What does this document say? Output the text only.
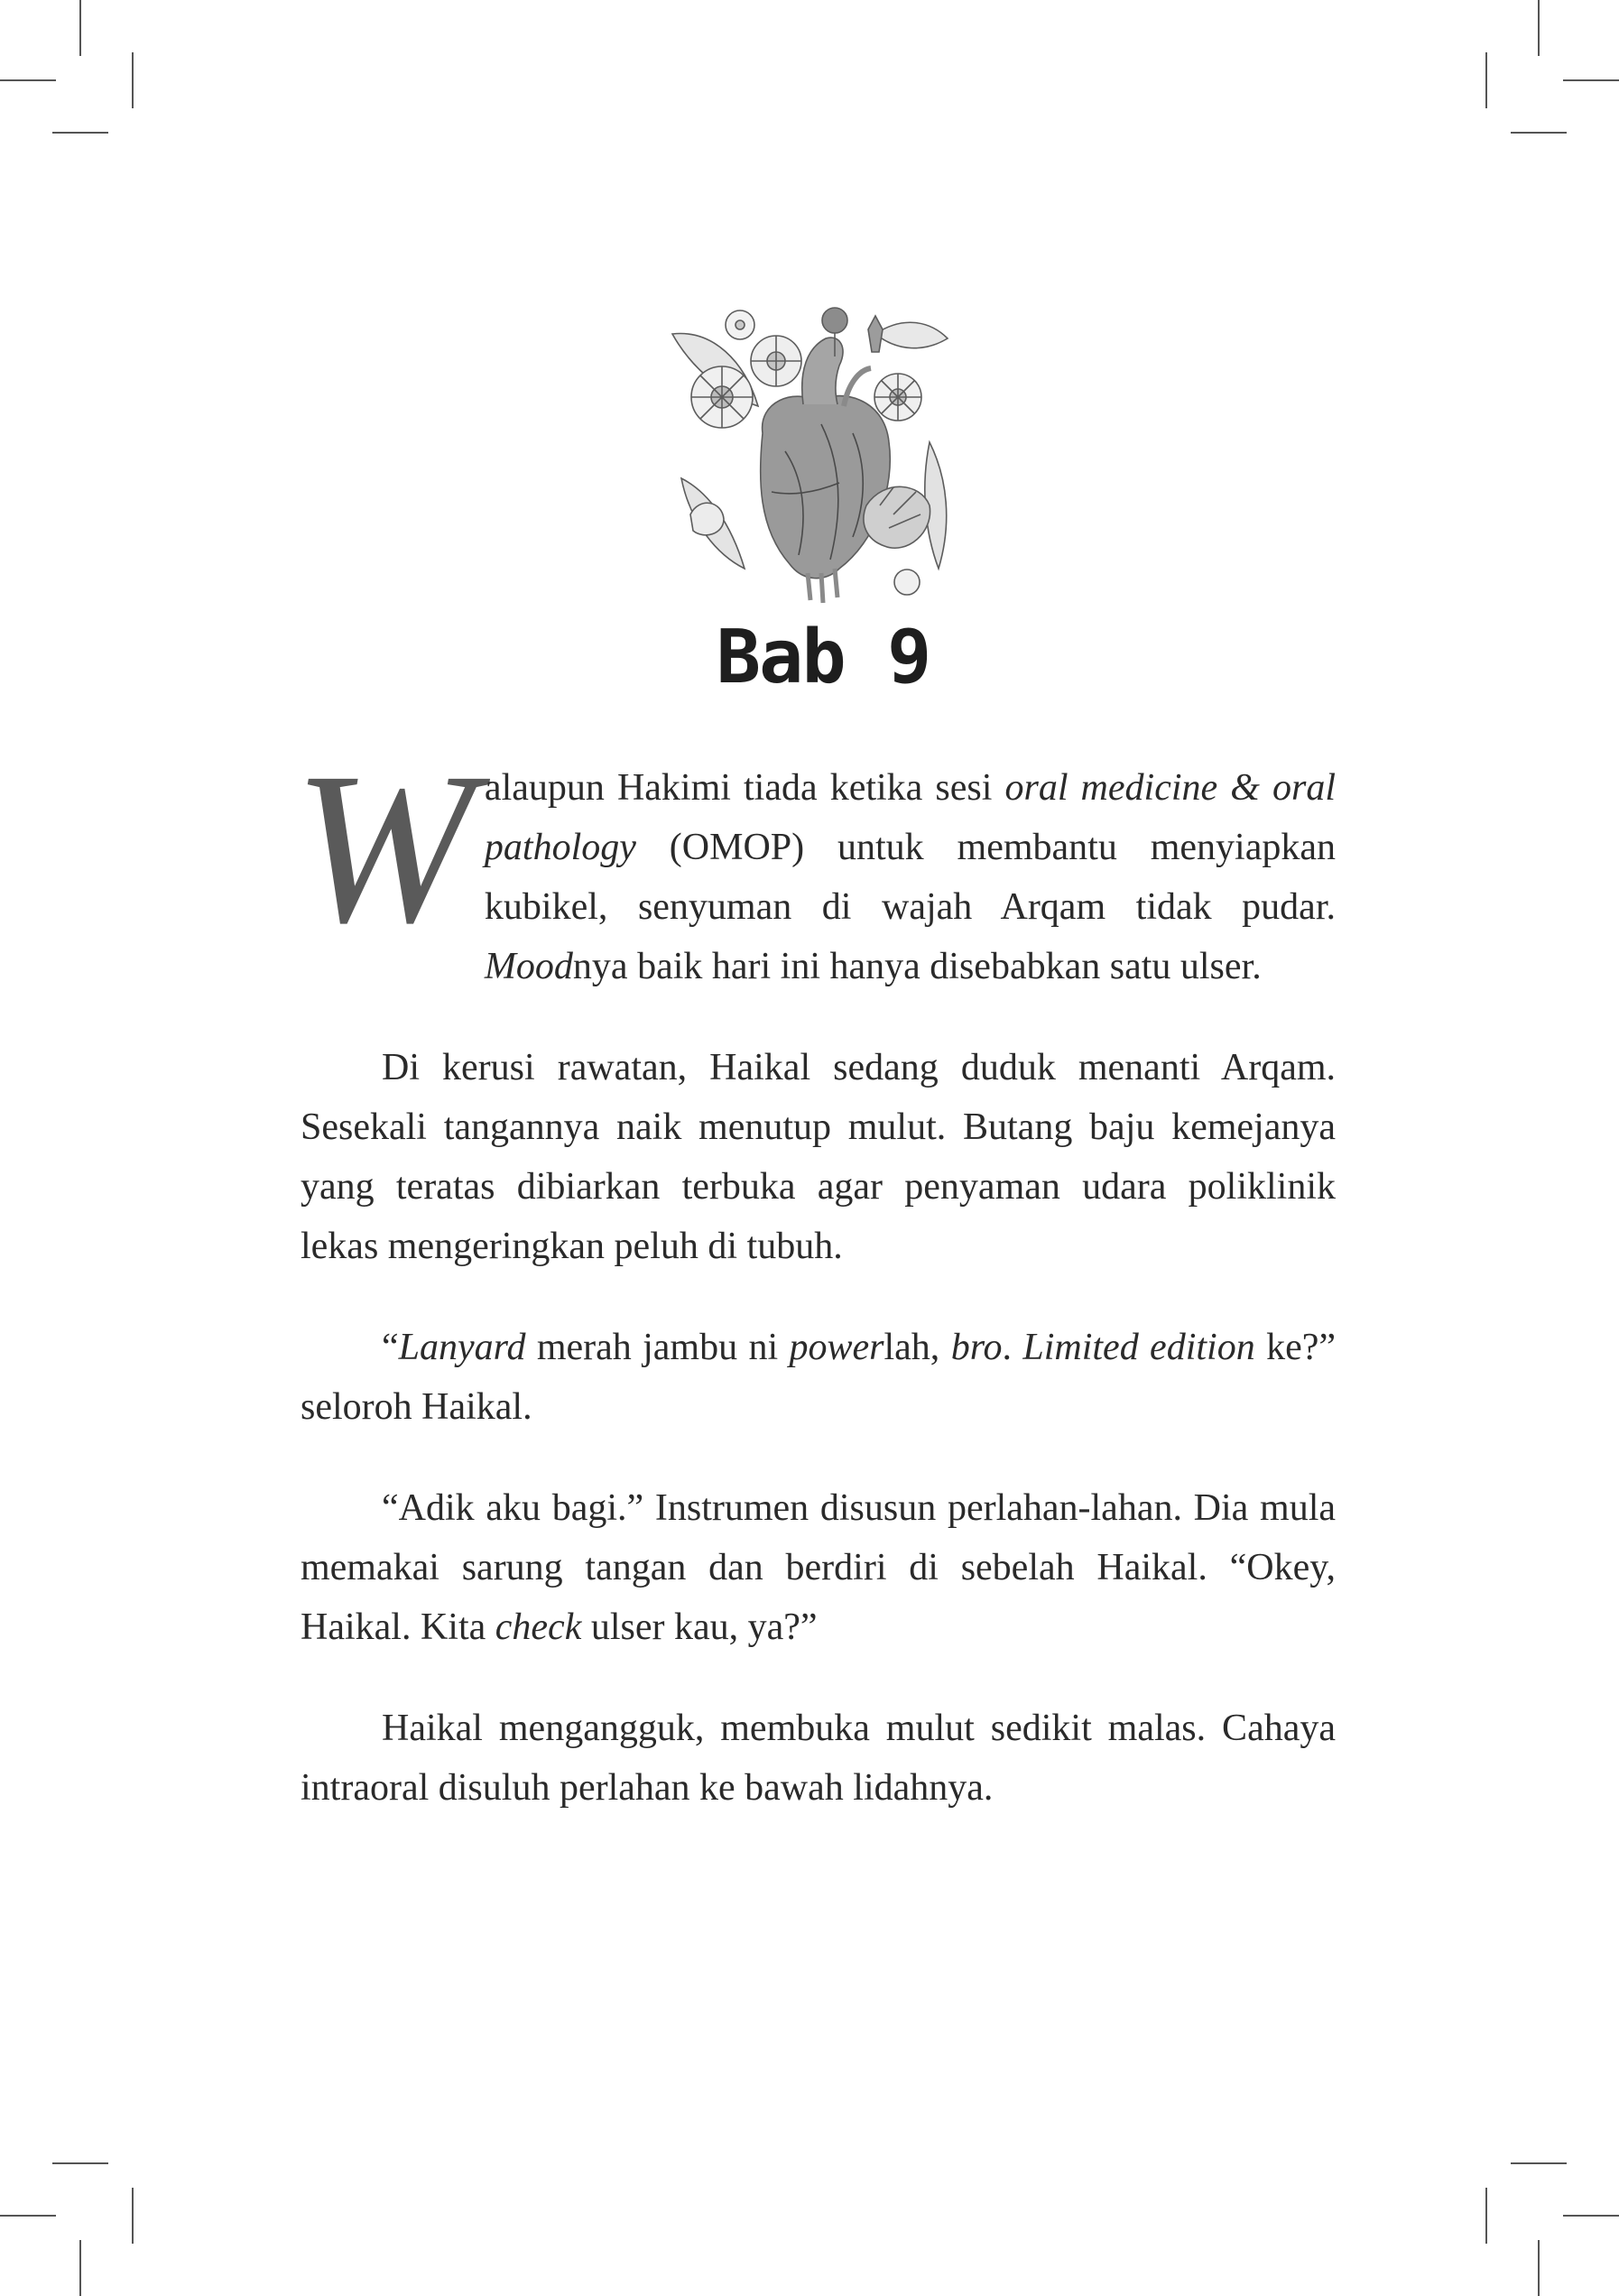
Bab 9

Walaupun Hakimi tiada ketika sesi oral medicine & oral pathology (OMOP) untuk membantu menyiapkan kubikel, senyuman di wajah Arqam tidak pudar. Moodnya baik hari ini hanya disebabkan satu ulser.

Di kerusi rawatan, Haikal sedang duduk menanti Arqam. Sesekali tangannya naik menutup mulut. Butang baju kemejanya yang teratas dibiarkan terbuka agar penyaman udara poliklinik lekas mengeringkan peluh di tubuh.

“Lanyard merah jambu ni powerlah, bro. Limited edition ke?” seloroh Haikal.

“Adik aku bagi.” Instrumen disusun perlahan-lahan. Dia mula memakai sarung tangan dan berdiri di sebelah Haikal. “Okey, Haikal. Kita check ulser kau, ya?”

Haikal mengangguk, membuka mulut sedikit malas. Cahaya intraoral disuluh perlahan ke bawah lidahnya.
